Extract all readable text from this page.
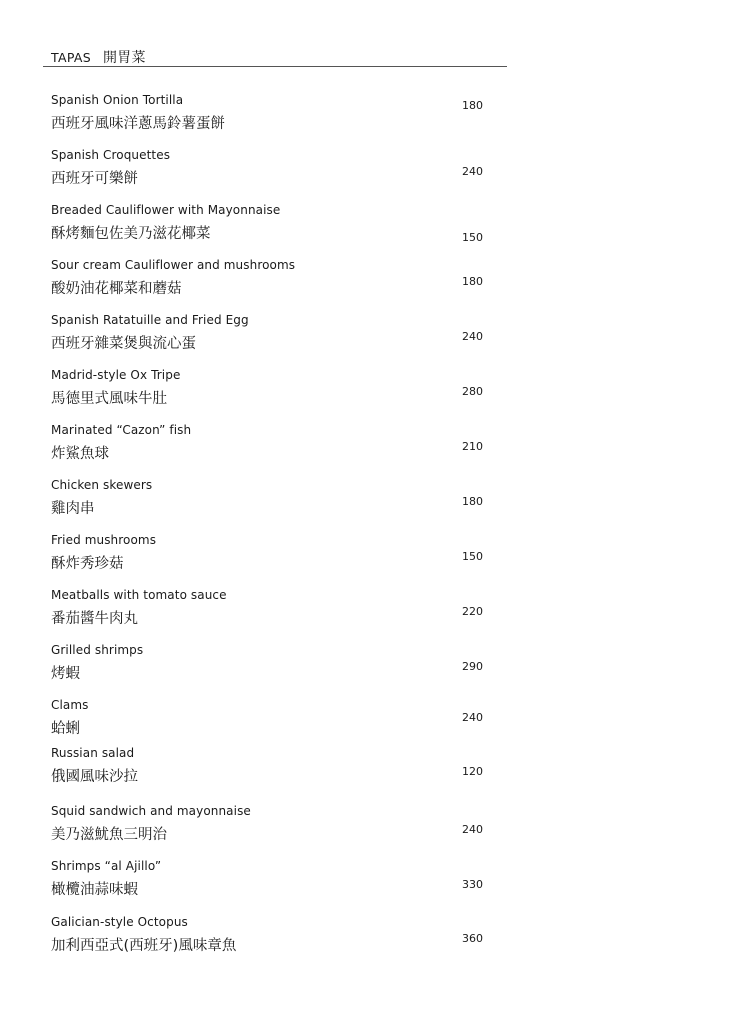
TAPAS 開胃菜
Spanish Onion Tortilla
西班牙風味洋蔥馬鈴薯蛋餅
180
Spanish Croquettes
西班牙可樂餅	240
Breaded Cauliflower with Mayonnaise
酥烤麵包佐美乃滋花椰菜	150
Sour cream Cauliflower and mushrooms
酸奶油花椰菜和蘑菇	180
Spanish Ratatuille and Fried Egg
西班牙雜菜煲與流心蛋	240
Madrid-style Ox Tripe
馬德里式風味牛肚	280
Marinated “Cazon” fish
炸鯊魚球	210
Chicken skewers
雞肉串	180
Fried mushrooms
酥炸秀珍菇	150
Meatballs with tomato sauce
番茄醬牛肉丸	220
Grilled shrimps
烤蝦	290
Clams
蛤蜊
240
Russian salad
俄國風味沙拉	120
Squid sandwich and mayonnaise
美乃滋魷魚三明治	240
Shrimps “al Ajillo”
橄欖油蒜味蝦	330
Galician-style Octopus
加利西亞式(西班牙)風味章魚	360
